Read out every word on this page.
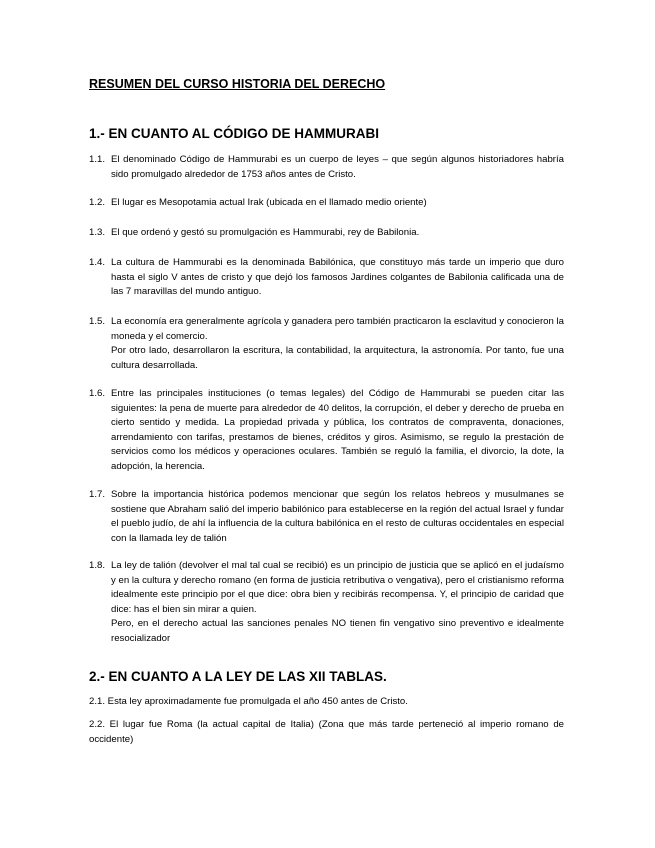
RESUMEN DEL CURSO HISTORIA DEL DERECHO
1.- EN CUANTO AL CÓDIGO DE HAMMURABI
1.1. El denominado Código de Hammurabi es un cuerpo de leyes – que según algunos historiadores habría sido promulgado alrededor de 1753 años antes de Cristo.

1.2. El lugar es Mesopotamia actual Irak (ubicada en el llamado medio oriente)

1.3. El que ordenó y gestó su promulgación es Hammurabi, rey de Babilonia.

1.4. La cultura de Hammurabi es la denominada Babilónica, que constituyo más tarde un imperio que duro hasta el siglo V antes de cristo y que dejó los famosos Jardines colgantes de Babilonia calificada una de las 7 maravillas del mundo antiguo.

1.5. La economía era generalmente agrícola y ganadera pero también practicaron la esclavitud y conocieron la moneda y el comercio.

Por otro lado, desarrollaron la escritura, la contabilidad, la arquitectura, la astronomía. Por tanto, fue una cultura desarrollada.

1.6. Entre las principales instituciones (o temas legales) del Código de Hammurabi se pueden citar las siguientes: la pena de muerte para alrededor de 40 delitos, la corrupción, el deber y derecho de prueba en cierto sentido y medida. La propiedad privada y pública, los contratos de compraventa, donaciones, arrendamiento con tarifas, prestamos de bienes, créditos y giros. Asimismo, se regulo la prestación de servicios como los médicos y operaciones oculares. También se reguló la familia, el divorcio, la dote, la adopción, la herencia.

1.7. Sobre la importancia histórica podemos mencionar que según los relatos hebreos y musulmanes se sostiene que Abraham salió del imperio babilónico para establecerse en la región del actual Israel y fundar el pueblo judío, de ahí la influencia de la cultura babilónica en el resto de culturas occidentales en especial con la llamada ley de talión

1.8. La ley de talión (devolver el mal tal cual se recibió) es un principio de justicia que se aplicó en el judaísmo y en la cultura y derecho romano (en forma de justicia retributiva o vengativa), pero el cristianismo reforma idealmente este principio por el que dice: obra bien y recibirás recompensa. Y, el principio de caridad que dice: has el bien sin mirar a quien.

Pero, en el derecho actual las sanciones penales NO tienen fin vengativo sino preventivo e idealmente resocializador

2.- EN CUANTO A LA LEY DE LAS XII TABLAS.

2.1. Esta ley aproximadamente fue promulgada el año 450 antes de Cristo.

2.2. El lugar fue Roma (la actual capital de Italia) (Zona que más tarde perteneció al imperio romano de occidente)
